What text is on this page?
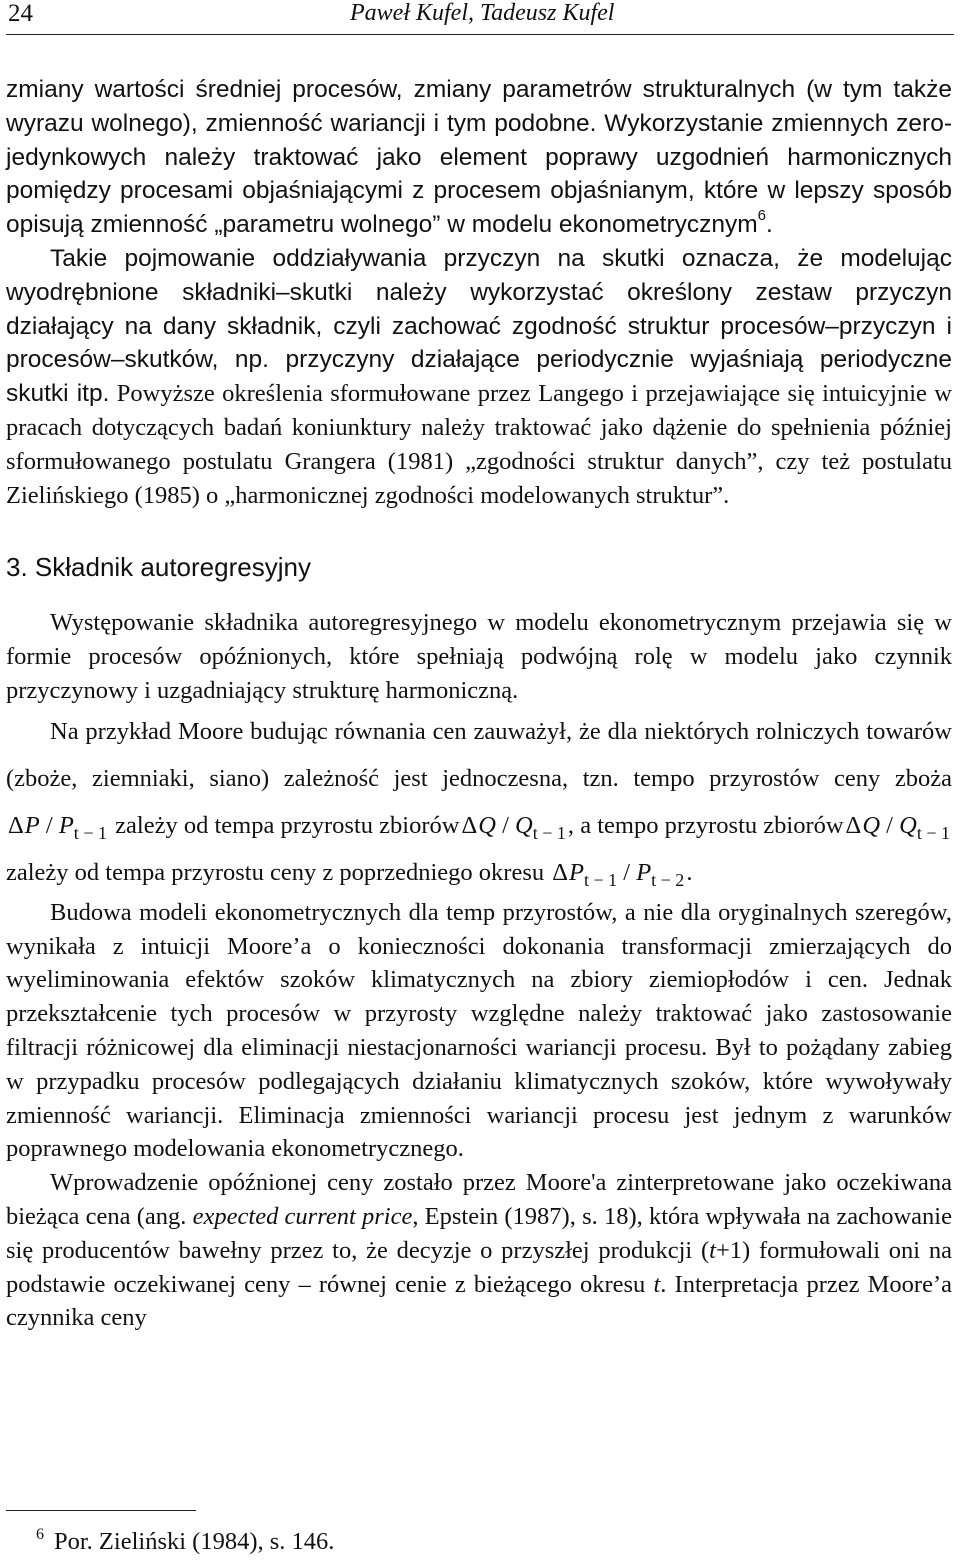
24	Paweł Kufel, Tadeusz Kufel

zmiany wartości średniej procesów, zmiany parametrów strukturalnych (w tym także wyrazu wolnego), zmienność wariancji i tym podobne. Wykorzystanie zmiennych zero-jedynkowych należy traktować jako element poprawy uzgodnień harmonicznych pomiędzy procesami objaśniającymi z procesem objaśnianym, które w lepszy sposób opisują zmienność „parametru wolnego” w modelu ekonometrycznym$^6$.

Takie pojmowanie oddziaływania przyczyn na skutki oznacza, że modelując wyodrębnione składniki–skutki należy wykorzystać określony zestaw przyczyn działający na dany składnik, czyli zachować zgodność struktur procesów–przyczyn i procesów–skutków, np. przyczyny działające periodycznie wyjaśniają periodyczne skutki itp. Powyższe określenia sformułowane przez Langego i przejawiające się intuicyjnie w pracach dotyczących badań koniunktury należy traktować jako dążenie do spełnienia później sformułowanego postulatu Grangera (1981) „zgodności struktur danych”, czy też postulatu Zielińskiego (1985) o „harmonicznej zgodności modelowanych struktur”.

3. Składnik autoregresyjny

Występowanie składnika autoregresyjnego w modelu ekonometrycznym przejawia się w formie procesów opóźnionych, które spełniają podwójną rolę w modelu jako czynnik przyczynowy i uzgadniający strukturę harmoniczną.

Na przykład Moore budując równania cen zauważył, że dla niektórych rolniczych towarów (zboże, ziemniaki, siano) zależność jest jednoczesna, tzn. tempo przyrostów ceny zboża ΔP / $P_{t - 1}$ zależy od tempa przyrostu zbiorówΔQ / $Q_{t - 1}$, a tempo przyrostu zbiorówΔQ / $Q_{t - 1}$ zależy od tempa przyrostu ceny z poprzedniego okresu $\Delta P_{t - 1} / P_{t - 2}$.

Budowa modeli ekonometrycznych dla temp przyrostów, a nie dla oryginalnych szeregów, wynikała z intuicji Moore’a o konieczności dokonania transformacji zmierzających do wyeliminowania efektów szoków klimatycznych na zbiory ziemiopłodów i cen. Jednak przekształcenie tych procesów w przyrosty względne należy traktować jako zastosowanie filtracji różnicowej dla eliminacji niestacjonarności wariancji procesu. Był to pożądany zabieg w przypadku procesów podlegających działaniu klimatycznych szoków, które wywoływały zmienność wariancji. Eliminacja zmienności wariancji procesu jest jednym z warunków poprawnego modelowania ekonometrycznego.

Wprowadzenie opóźnionej ceny zostało przez Moore'a zinterpretowane jako oczekiwana bieżąca cena (ang. expected current price, Epstein (1987), s. 18), która wpływała na zachowanie się producentów bawełny przez to, że decyzje o przyszłej produkcji (t+1) formułowali oni na podstawie oczekiwanej ceny – równej cenie z bieżącego okresu t. Interpretacja przez Moore’a czynnika ceny

$^6$ Por. Zieliński (1984), s. 146.
